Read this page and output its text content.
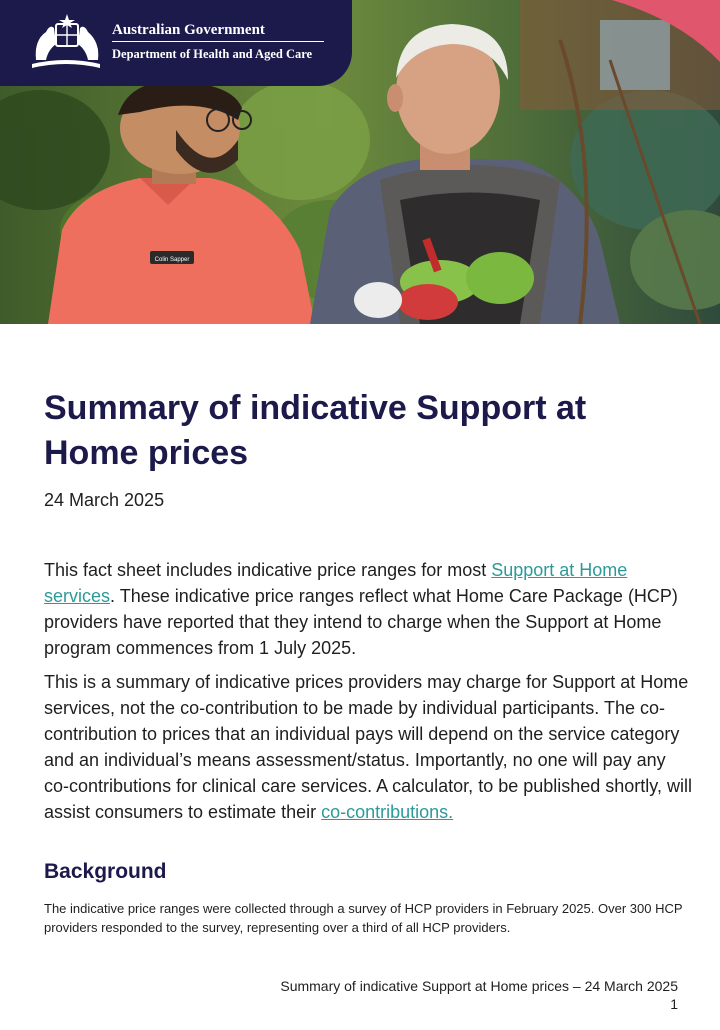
Colin Sapper
Australian Government
Department of Health and Aged Care
Summary of indicative Support at Home prices
24 March 2025

This fact sheet includes indicative price ranges for most Support at Home services. These indicative price ranges reflect what Home Care Package (HCP) providers have reported that they intend to charge when the Support at Home program commences from 1 July 2025.

This is a summary of indicative prices providers may charge for Support at Home services, not the co-contribution to be made by individual participants. The co-contribution to prices that an individual pays will depend on the service category and an individual’s means assessment/status. Importantly, no one will pay any co-contributions for clinical care services. A calculator, to be published shortly, will assist consumers to estimate their co-contributions.

Background

The indicative price ranges were collected through a survey of HCP providers in February 2025. Over 300 HCP providers responded to the survey, representing over a third of all HCP providers.

Summary of indicative Support at Home prices – 24 March 2025
1
